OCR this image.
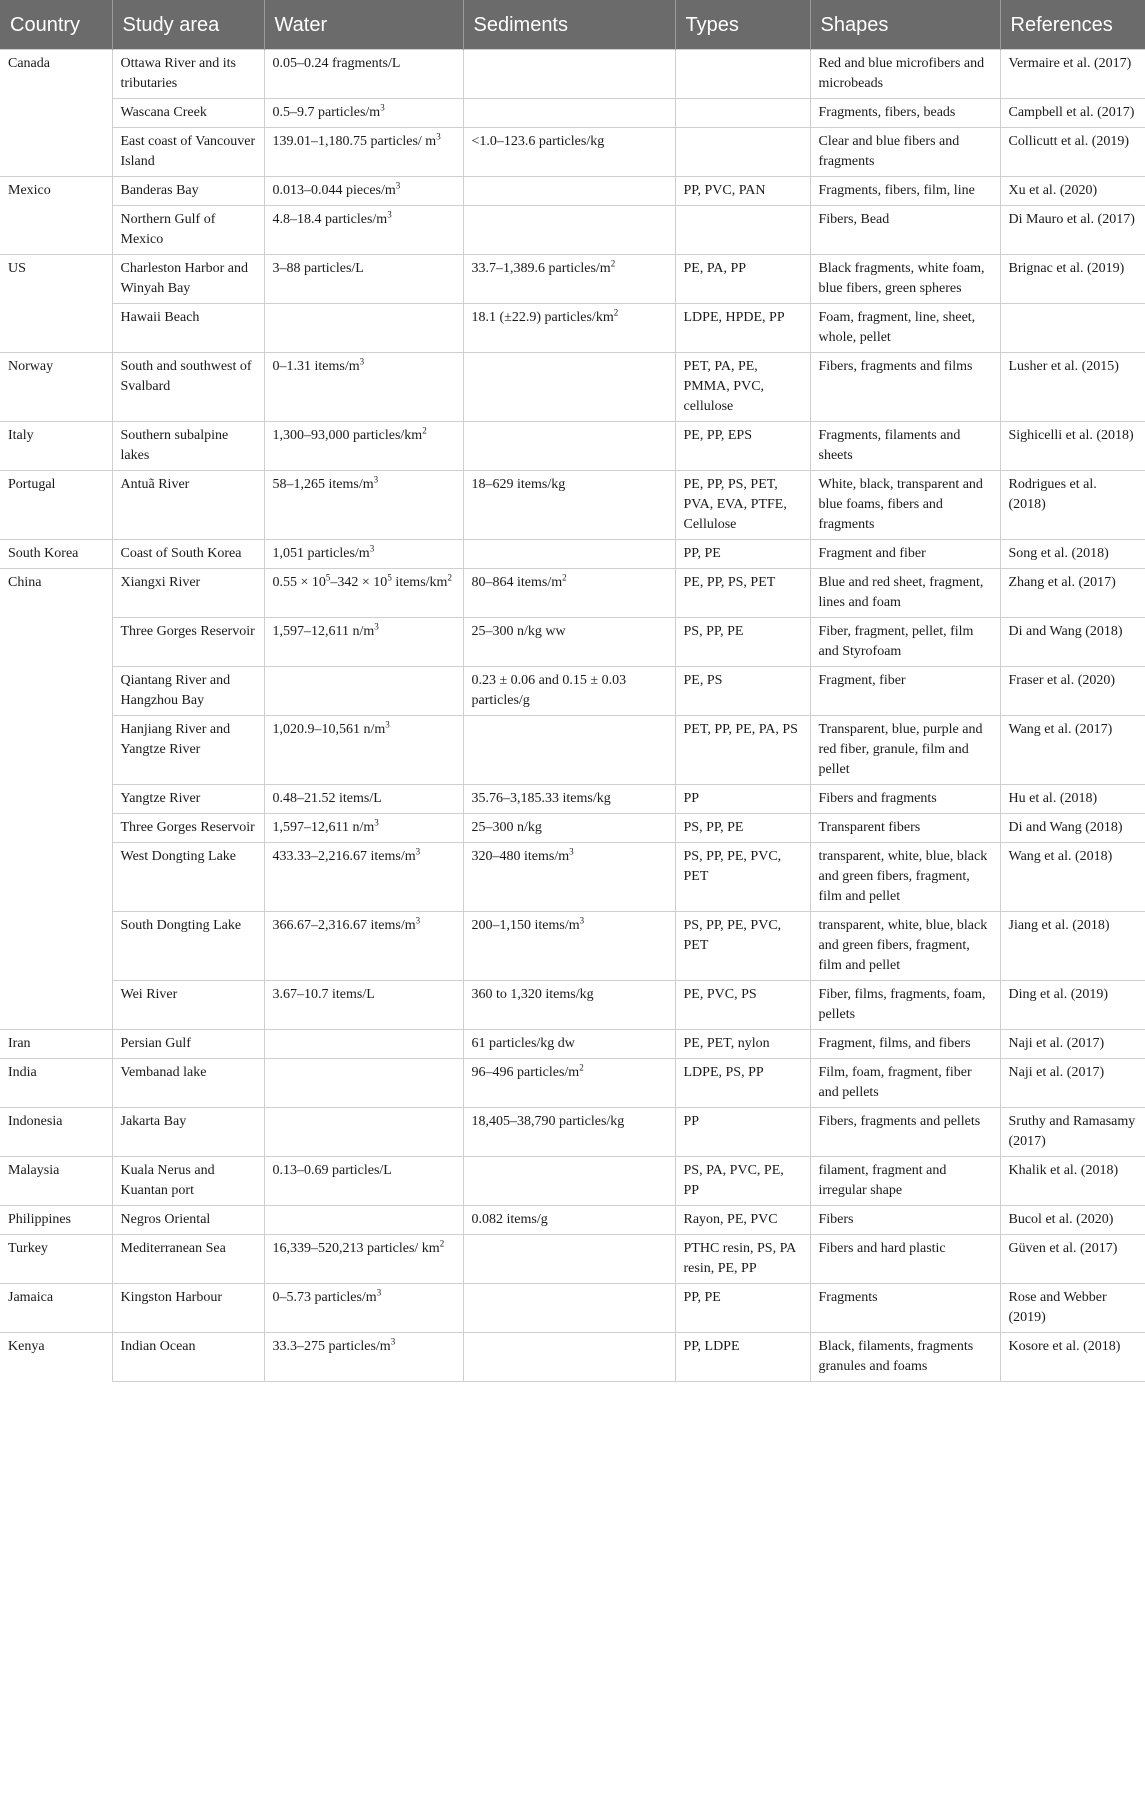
Country	Study area	Water	Sediments	Types	Shapes	References
Canada	Ottawa River and its tributaries	0.05–0.24 fragments/L			Red and blue microfibers and microbeads	Vermaire et al. (2017)
	Wascana Creek	0.5–9.7 particles/$m^3$			Fragments, fibers, beads	Campbell et al. (2017)
	East coast of Vancouver Island	139.01–1,180.75 particles/ $m^3$	<1.0–123.6 particles/kg		Clear and blue fibers and fragments	Collicutt et al. (2019)
Mexico	Banderas Bay	0.013–0.044 pieces/$m^3$		PP, PVC, PAN	Fragments, fibers, film, line	Xu et al. (2020)
	Northern Gulf of Mexico	4.8–18.4 particles/$m^3$			Fibers, Bead	Di Mauro et al. (2017)
US	Charleston Harbor and Winyah Bay	3–88 particles/L	33.7–1,389.6 particles/$m^2$	PE, PA, PP	Black fragments, white foam, blue fibers, green spheres	Brignac et al. (2019)
	Hawaii Beach		18.1 (±22.9) particles/$km^2$	LDPE, HPDE, PP	Foam, fragment, line, sheet, whole, pellet	
Norway	South and southwest of Svalbard	0–1.31 items/$m^3$		PET, PA, PE, PMMA, PVC, cellulose	Fibers, fragments and films	Lusher et al. (2015)
Italy	Southern subalpine lakes	1,300–93,000 particles/$km^2$		PE, PP, EPS	Fragments, filaments and sheets	Sighicelli et al. (2018)
Portugal	Antuã River	58–1,265 items/$m^3$	18–629 items/kg	PE, PP, PS, PET, PVA, EVA, PTFE, Cellulose	White, black, transparent and blue foams, fibers and fragments	Rodrigues et al. (2018)
South Korea	Coast of South Korea	1,051 particles/$m^3$		PP, PE	Fragment and fiber	Song et al. (2018)
China	Xiangxi River	$0.55 \times 10^5-342 \times 10^5$ items/$km^2$	80–864 items/$m^2$	PE, PP, PS, PET	Blue and red sheet, fragment, lines and foam	Zhang et al. (2017)
	Three Gorges Reservoir	1,597–12,611 $n/m^3$	25–300 n/kg ww	PS, PP, PE	Fiber, fragment, pellet, film and Styrofoam	Di and Wang (2018)
	Qiantang River and Hangzhou Bay		0.23 ± 0.06 and 0.15 ± 0.03 particles/g	PE, PS	Fragment, fiber	Fraser et al. (2020)
	Hanjiang River and Yangtze River	1,020.9–10,561 $n/m^3$		PET, PP, PE, PA, PS	Transparent, blue, purple and red fiber, granule, film and pellet	Wang et al. (2017)
	Yangtze River	0.48–21.52 items/L	35.76–3,185.33 items/kg	PP	Fibers and fragments	Hu et al. (2018)
	Three Gorges Reservoir	1,597–12,611 $n/m^3$	25–300 n/kg	PS, PP, PE	Transparent fibers	Di and Wang (2018)
	West Dongting Lake	433.33–2,216.67 items/$m^3$	320–480 items/$m^3$	PS, PP, PE, PVC, PET	transparent, white, blue, black and green fibers, fragment, film and pellet	Wang et al. (2018)
	South Dongting Lake	366.67–2,316.67 items/$m^3$	200–1,150 items/$m^3$	PS, PP, PE, PVC, PET	transparent, white, blue, black and green fibers, fragment, film and pellet	Jiang et al. (2018)
	Wei River	3.67–10.7 items/L	360 to 1,320 items/kg	PE, PVC, PS	Fiber, films, fragments, foam, pellets	Ding et al. (2019)
Iran	Persian Gulf		61 particles/kg dw	PE, PET, nylon	Fragment, films, and fibers	Naji et al. (2017)
India	Vembanad lake		96–496 particles/$m^2$	LDPE, PS, PP	Film, foam, fragment, fiber and pellets	Naji et al. (2017)
Indonesia	Jakarta Bay		18,405–38,790 particles/kg	PP	Fibers, fragments and pellets	Sruthy and Ramasamy (2017)
Malaysia	Kuala Nerus and Kuantan port	0.13–0.69 particles/L		PS, PA, PVC, PE, PP	filament, fragment and irregular shape	Khalik et al. (2018)
Philippines	Negros Oriental		0.082 items/g	Rayon, PE, PVC	Fibers	Bucol et al. (2020)
Turkey	Mediterranean Sea	16,339–520,213 particles/ $km^2$		PTHC resin, PS, PA resin, PE, PP	Fibers and hard plastic	Güven et al. (2017)
Jamaica	Kingston Harbour	0–5.73 particles/$m^3$		PP, PE	Fragments	Rose and Webber (2019)
Kenya	Indian Ocean	33.3–275 particles/$m^3$		PP, LDPE	Black, filaments, fragments granules and foams	Kosore et al. (2018)
